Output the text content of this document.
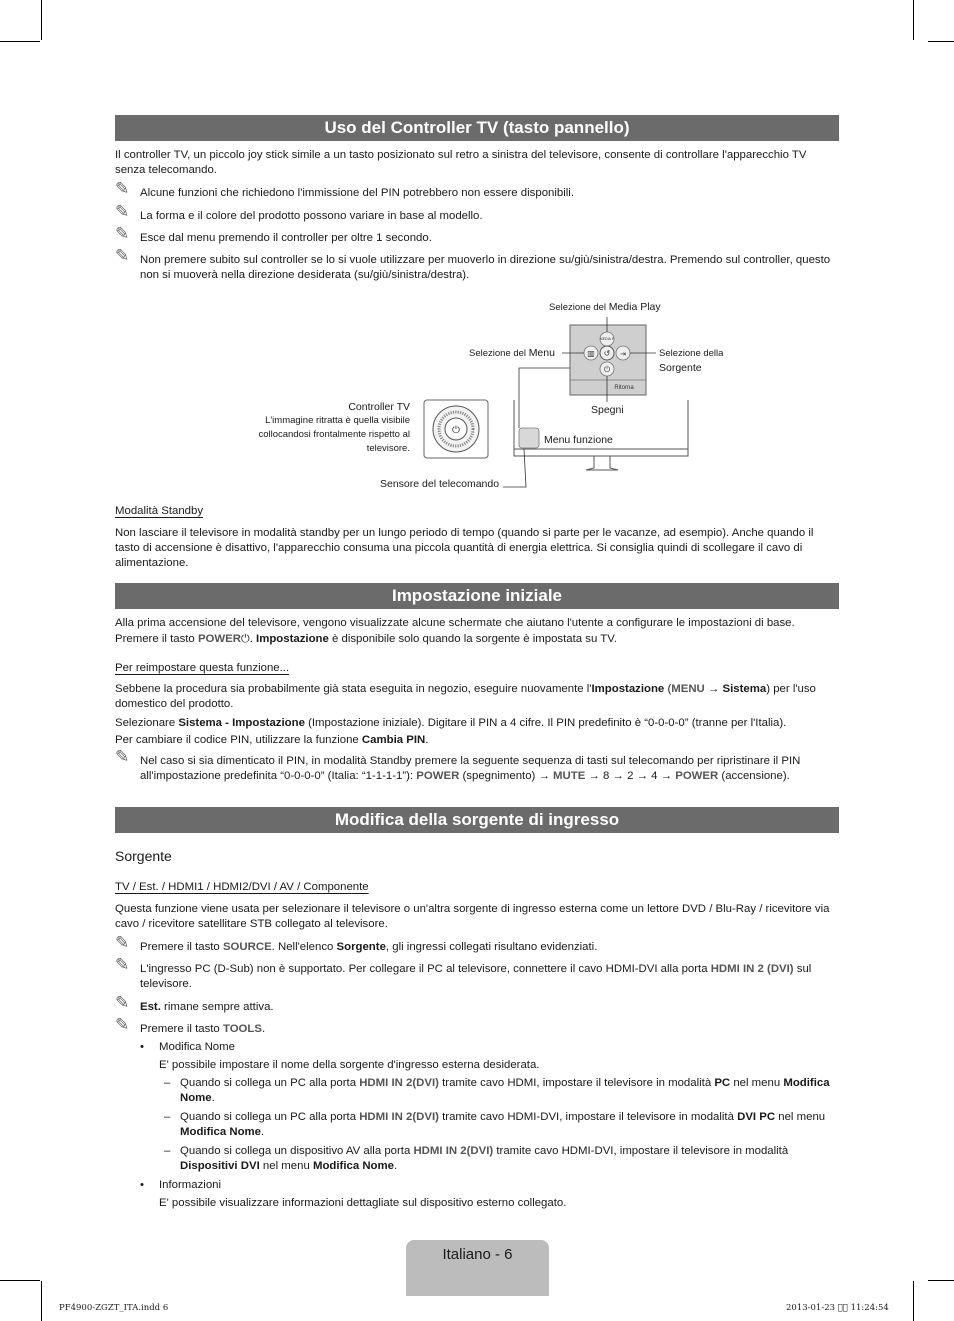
Uso del Controller TV (tasto pannello)
Il controller TV, un piccolo joy stick simile a un tasto posizionato sul retro a sinistra del televisore, consente di controllare l'apparecchio TV senza telecomando.
✎ Alcune funzioni che richiedono l'immissione del PIN potrebbero non essere disponibili.
✎ La forma e il colore del prodotto possono variare in base al modello.
✎ Esce dal menu premendo il controller per oltre 1 secondo.
✎ Non premere subito sul controller se lo si vuole utilizzare per muoverlo in direzione su/giù/sinistra/destra. Premendo sul controller, questo non si muoverà nella direzione desiderata (su/giù/sinistra/destra).
MEDIA.P
▥ ↺ ⇥
⏻
Ritorna
⏻
Selezione del Media Play
Selezione del Menu	Selezione della
Sorgente
Spegni
Menu funzione
Controller TV
L'immagine ritratta è quella visibile
collocandosi frontalmente rispetto al
televisore.
Sensore del telecomando
Modalità Standby
Non lasciare il televisore in modalità standby per un lungo periodo di tempo (quando si parte per le vacanze, ad esempio). Anche quando il tasto di accensione è disattivo, l'apparecchio consuma una piccola quantità di energia elettrica. Si consiglia quindi di scollegare il cavo di alimentazione.
Impostazione iniziale
Alla prima accensione del televisore, vengono visualizzate alcune schermate che aiutano l'utente a configurare le impostazioni di base.
Premere il tasto POWER⏻. Impostazione è disponibile solo quando la sorgente è impostata su TV.
Per reimpostare questa funzione...
Sebbene la procedura sia probabilmente già stata eseguita in negozio, eseguire nuovamente l'Impostazione (MENU → Sistema) per l'uso domestico del prodotto.
Selezionare Sistema - Impostazione (Impostazione iniziale). Digitare il PIN a 4 cifre. Il PIN predefinito è “0-0-0-0” (tranne per l'Italia).
Per cambiare il codice PIN, utilizzare la funzione Cambia PIN.
✎ Nel caso si sia dimenticato il PIN, in modalità Standby premere la seguente sequenza di tasti sul telecomando per ripristinare il PIN all'impostazione predefinita “0-0-0-0” (Italia: “1-1-1-1”): POWER (spegnimento) → MUTE → 8 → 2 → 4 → POWER (accensione).
Modifica della sorgente di ingresso
Sorgente
TV / Est. / HDMI1 / HDMI2/DVI / AV / Componente
Questa funzione viene usata per selezionare il televisore o un'altra sorgente di ingresso esterna come un lettore DVD / Blu-Ray / ricevitore via cavo / ricevitore satellitare STB collegato al televisore.
✎ Premere il tasto SOURCE. Nell'elenco Sorgente, gli ingressi collegati risultano evidenziati.
✎ L'ingresso PC (D-Sub) non è supportato. Per collegare il PC al televisore, connettere il cavo HDMI-DVI alla porta HDMI IN 2 (DVI) sul televisore.
✎ Est. rimane sempre attiva.
✎ Premere il tasto TOOLS.
• Modifica Nome
E' possibile impostare il nome della sorgente d'ingresso esterna desiderata.
– Quando si collega un PC alla porta HDMI IN 2(DVI) tramite cavo HDMI, impostare il televisore in modalità PC nel menu Modifica Nome.
– Quando si collega un PC alla porta HDMI IN 2(DVI) tramite cavo HDMI-DVI, impostare il televisore in modalità DVI PC nel menu Modifica Nome.
– Quando si collega un dispositivo AV alla porta HDMI IN 2(DVI) tramite cavo HDMI-DVI, impostare il televisore in modalità Dispositivi DVI nel menu Modifica Nome.
• Informazioni
E' possibile visualizzare informazioni dettagliate sul dispositivo esterno collegato.
Italiano - 6
PF4900-ZGZT_ITA.indd 6	2013-01-23 ￿￿ 11:24:54
